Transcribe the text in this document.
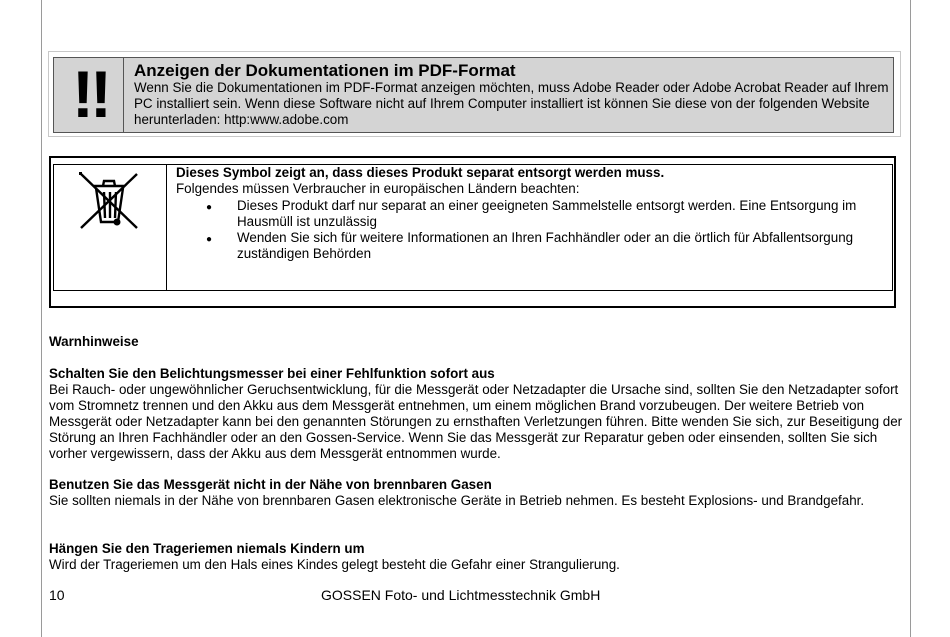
!!	Anzeigen der Dokumentationen im PDF-Format
Wenn Sie die Dokumentationen im PDF-Format anzeigen möchten, muss Adobe Reader oder Adobe Acrobat Reader auf Ihrem PC installiert sein. Wenn diese Software nicht auf Ihrem Computer installiert ist können Sie diese von der folgenden Website herunterladen: http:www.adobe.com
Dieses Symbol zeigt an, dass dieses Produkt separat entsorgt werden muss.
Folgendes müssen Verbraucher in europäischen Ländern beachten:
● Dieses Produkt darf nur separat an einer geeigneten Sammelstelle entsorgt werden. Eine Entsorgung im Hausmüll ist unzulässig
● Wenden Sie sich für weitere Informationen an Ihren Fachhändler oder an die örtlich für Abfallentsorgung zuständigen Behörden
Warnhinweise
Schalten Sie den Belichtungsmesser bei einer Fehlfunktion sofort aus
Bei Rauch- oder ungewöhnlicher Geruchsentwicklung, für die Messgerät oder Netzadapter die Ursache sind, sollten Sie den Netzadapter sofort vom Stromnetz trennen und den Akku aus dem Messgerät entnehmen, um einem möglichen Brand vorzubeugen. Der weitere Betrieb von Messgerät oder Netzadapter kann bei den genannten Störungen zu ernsthaften Verletzungen führen. Bitte wenden Sie sich, zur Beseitigung der Störung an Ihren Fachhändler oder an den Gossen-Service. Wenn Sie das Messgerät zur Reparatur geben oder einsenden, sollten Sie sich vorher vergewissern, dass der Akku aus dem Messgerät entnommen wurde.
Benutzen Sie das Messgerät nicht in der Nähe von brennbaren Gasen
Sie sollten niemals in der Nähe von brennbaren Gasen elektronische Geräte in Betrieb nehmen. Es besteht Explosions- und Brandgefahr.
Hängen Sie den Trageriemen niemals Kindern um
Wird der Trageriemen um den Hals eines Kindes gelegt besteht die Gefahr einer Strangulierung.
10	GOSSEN Foto- und Lichtmesstechnik GmbH
